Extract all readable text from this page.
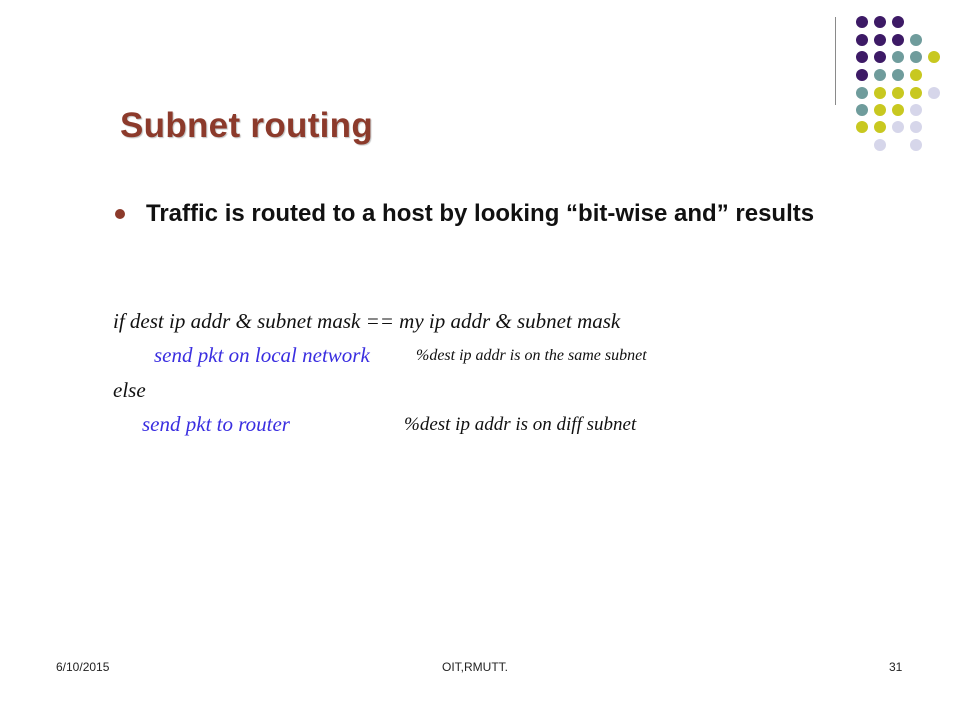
Subnet routing
Traffic is routed to a host by looking “bit-wise and” results
if dest ip addr & subnet mask == my ip addr & subnet mask
send pkt on local network	%dest ip addr is on the same subnet
else
send pkt to router	%dest ip addr is on diff subnet
6/10/2015	OIT,RMUTT.	31
